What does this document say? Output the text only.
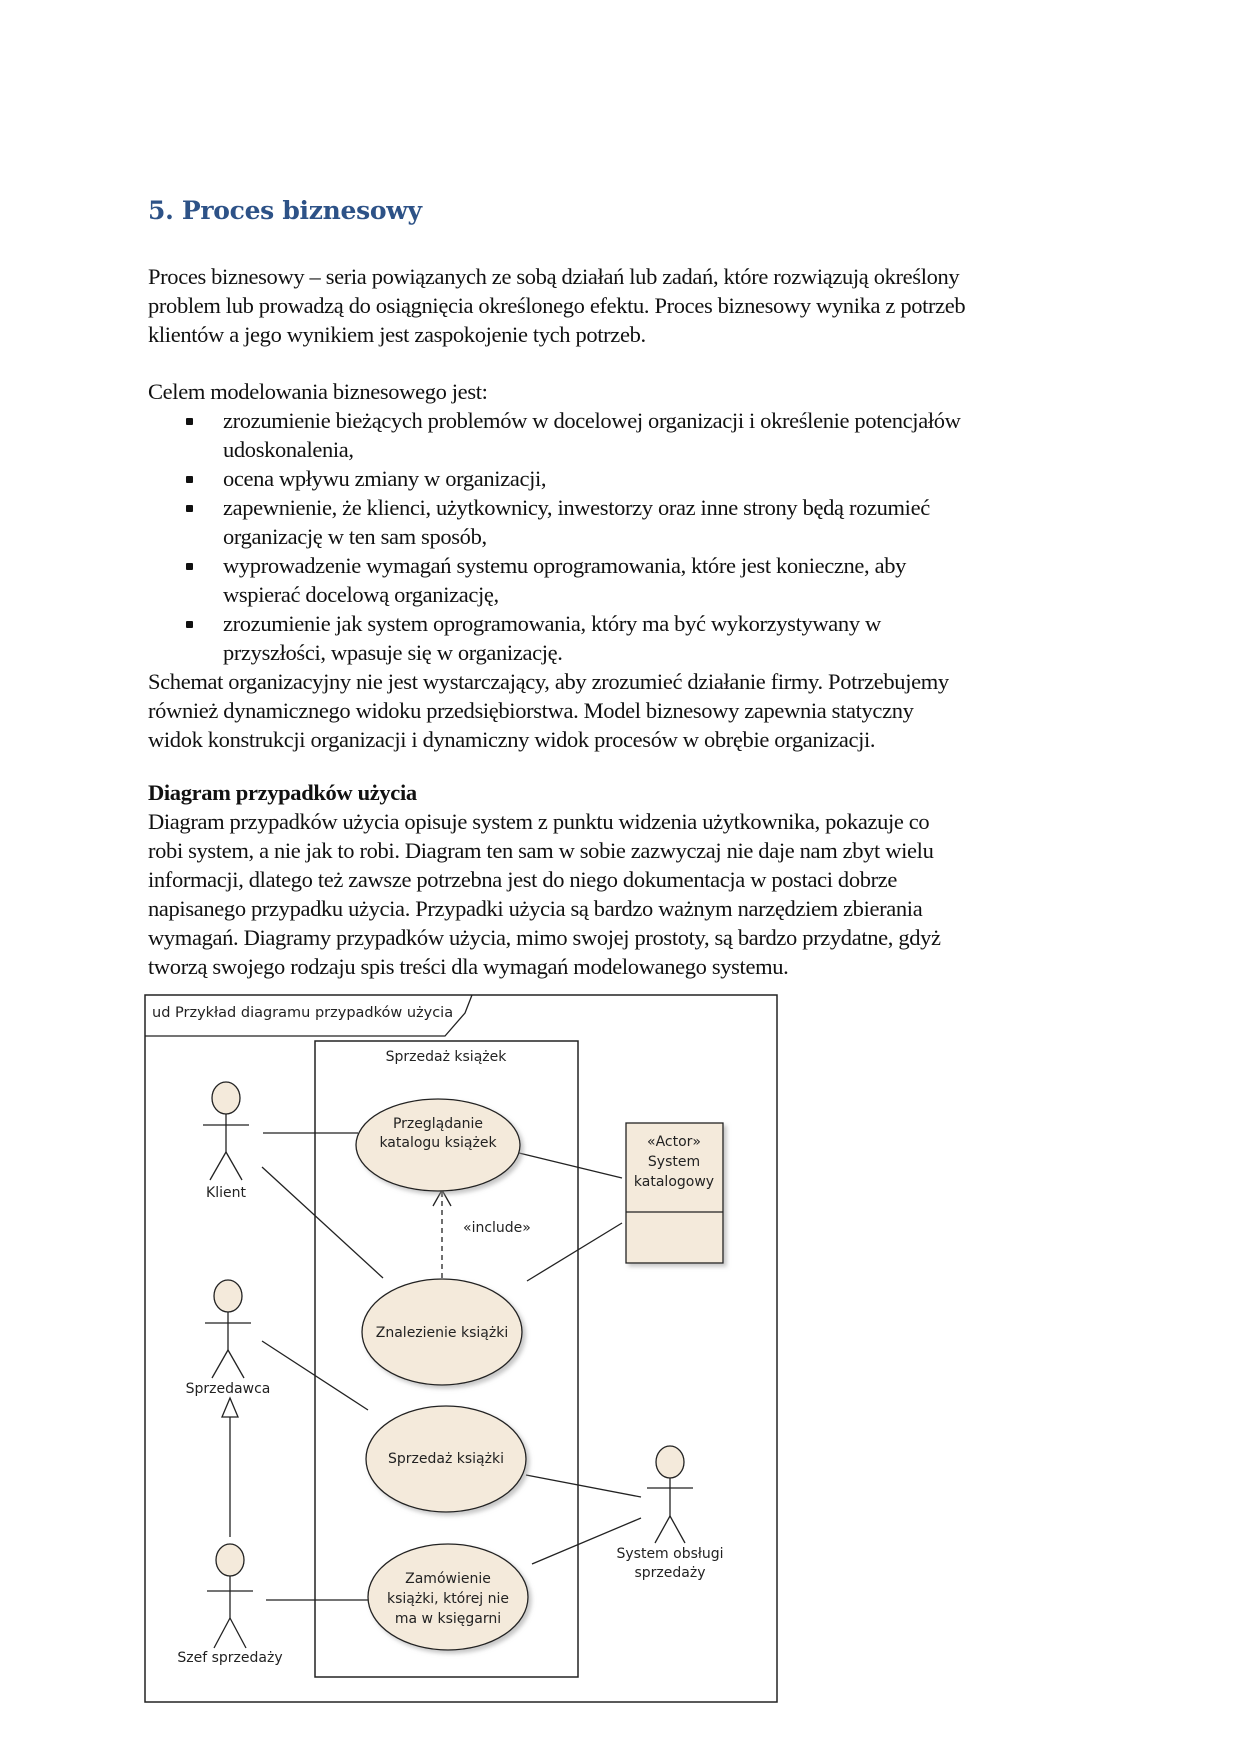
5. Proces biznesowy

Proces biznesowy – seria powiązanych ze sobą działań lub zadań, które rozwiązują określony
problem lub prowadzą do osiągnięcia określonego efektu. Proces biznesowy wynika z potrzeb
klientów a jego wynikiem jest zaspokojenie tych potrzeb.

Celem modelowania biznesowego jest:

zrozumienie bieżących problemów w docelowej organizacji i określenie potencjałów
udoskonalenia,
ocena wpływu zmiany w organizacji,
zapewnienie, że klienci, użytkownicy, inwestorzy oraz inne strony będą rozumieć
organizację w ten sam sposób,
wyprowadzenie wymagań systemu oprogramowania, które jest konieczne, aby
wspierać docelową organizację,
zrozumienie jak system oprogramowania, który ma być wykorzystywany w
przyszłości, wpasuje się w organizację.

Schemat organizacyjny nie jest wystarczający, aby zrozumieć działanie firmy. Potrzebujemy
również dynamicznego widoku przedsiębiorstwa. Model biznesowy zapewnia statyczny
widok konstrukcji organizacji i dynamiczny widok procesów w obrębie organizacji.

Diagram przypadków użycia

Diagram przypadków użycia opisuje system z punktu widzenia użytkownika, pokazuje co
robi system, a nie jak to robi. Diagram ten sam w sobie zazwyczaj nie daje nam zbyt wielu
informacji, dlatego też zawsze potrzebna jest do niego dokumentacja w postaci dobrze
napisanego przypadku użycia. Przypadki użycia są bardzo ważnym narzędziem zbierania
wymagań. Diagramy przypadków użycia, mimo swojej prostoty, są bardzo przydatne, gdyż
tworzą swojego rodzaju spis treści dla wymagań modelowanego systemu.

ud Przykład diagramu przypadków użycia
Sprzedaż książek
«include»
Przeglądanie
katalogu książek
Znalezienie książki
Sprzedaż książki
Zamówienie
książki, której nie
ma w księgarni
«Actor»
System
katalogowy
Klient
Sprzedawca
Szef sprzedaży
System obsługi
sprzedaży
